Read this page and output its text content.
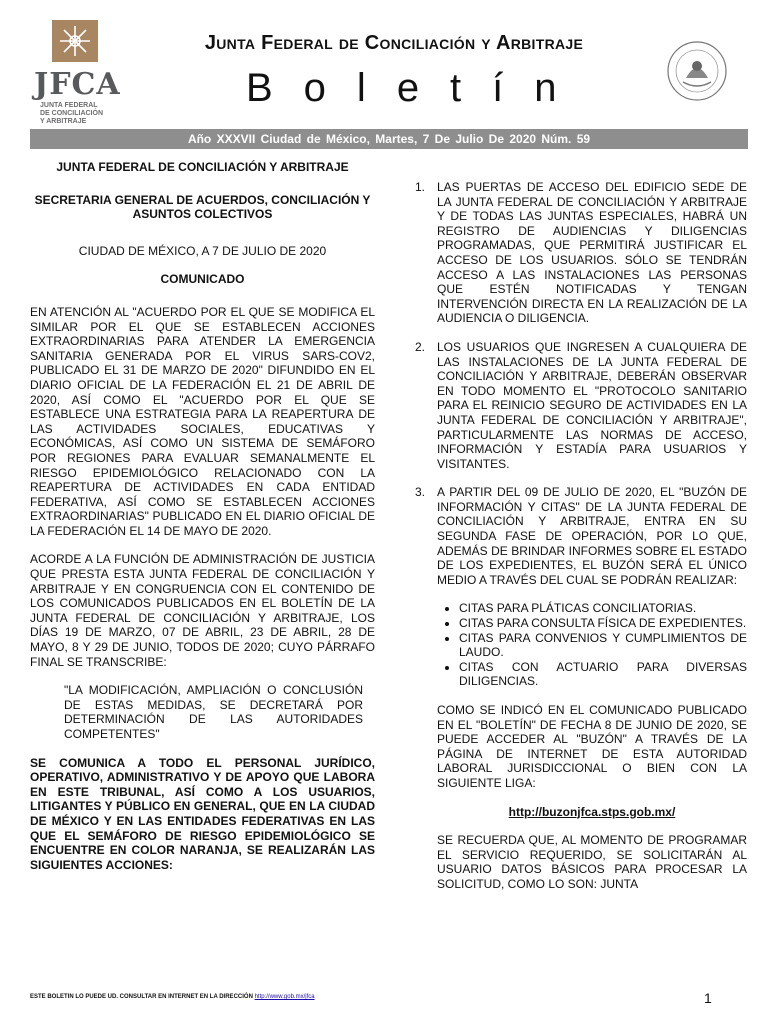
JFCA
JUNTA FEDERAL
DE CONCILIACIÓN
Y ARBITRAJE
Junta Federal de Conciliación y Arbitraje
Boletín
Año XXXVII Ciudad de México, Martes, 7 De Julio De 2020 Núm. 59

JUNTA FEDERAL DE CONCILIACIÓN Y ARBITRAJE

SECRETARIA GENERAL DE ACUERDOS, CONCILIACIÓN Y ASUNTOS COLECTIVOS

CIUDAD DE MÉXICO, A 7 DE JULIO DE 2020

COMUNICADO

EN ATENCIÓN AL "ACUERDO POR EL QUE SE MODIFICA EL SIMILAR POR EL QUE SE ESTABLECEN ACCIONES EXTRAORDINARIAS PARA ATENDER LA EMERGENCIA SANITARIA GENERADA POR EL VIRUS SARS-COV2, PUBLICADO EL 31 DE MARZO DE 2020" DIFUNDIDO EN EL DIARIO OFICIAL DE LA FEDERACIÓN EL 21 DE ABRIL DE 2020, ASÍ COMO EL "ACUERDO POR EL QUE SE ESTABLECE UNA ESTRATEGIA PARA LA REAPERTURA DE LAS ACTIVIDADES SOCIALES, EDUCATIVAS Y ECONÓMICAS, ASÍ COMO UN SISTEMA DE SEMÁFORO POR REGIONES PARA EVALUAR SEMANALMENTE EL RIESGO EPIDEMIOLÓGICO RELACIONADO CON LA REAPERTURA DE ACTIVIDADES EN CADA ENTIDAD FEDERATIVA, ASÍ COMO SE ESTABLECEN ACCIONES EXTRAORDINARIAS" PUBLICADO EN EL DIARIO OFICIAL DE LA FEDERACIÓN EL 14 DE MAYO DE 2020.

ACORDE A LA FUNCIÓN DE ADMINISTRACIÓN DE JUSTICIA QUE PRESTA ESTA JUNTA FEDERAL DE CONCILIACIÓN Y ARBITRAJE Y EN CONGRUENCIA CON EL CONTENIDO DE LOS COMUNICADOS PUBLICADOS EN EL BOLETÍN DE LA JUNTA FEDERAL DE CONCILIACIÓN Y ARBITRAJE, LOS DÍAS 19 DE MARZO, 07 DE ABRIL, 23 DE ABRIL, 28 DE MAYO, 8 Y 29 DE JUNIO, TODOS DE 2020; CUYO PÁRRAFO FINAL SE TRANSCRIBE:

"LA MODIFICACIÓN, AMPLIACIÓN O CONCLUSIÓN DE ESTAS MEDIDAS, SE DECRETARÁ POR DETERMINACIÓN DE LAS AUTORIDADES COMPETENTES"

SE COMUNICA A TODO EL PERSONAL JURÍDICO, OPERATIVO, ADMINISTRATIVO Y DE APOYO QUE LABORA EN ESTE TRIBUNAL, ASÍ COMO A LOS USUARIOS, LITIGANTES Y PÚBLICO EN GENERAL, QUE EN LA CIUDAD DE MÉXICO Y EN LAS ENTIDADES FEDERATIVAS EN LAS QUE EL SEMÁFORO DE RIESGO EPIDEMIOLÓGICO SE ENCUENTRE EN COLOR NARANJA, SE REALIZARÁN LAS SIGUIENTES ACCIONES:

1. LAS PUERTAS DE ACCESO DEL EDIFICIO SEDE DE LA JUNTA FEDERAL DE CONCILIACIÓN Y ARBITRAJE Y DE TODAS LAS JUNTAS ESPECIALES, HABRÁ UN REGISTRO DE AUDIENCIAS Y DILIGENCIAS PROGRAMADAS, QUE PERMITIRÁ JUSTIFICAR EL ACCESO DE LOS USUARIOS. SÓLO SE TENDRÁN ACCESO A LAS INSTALACIONES LAS PERSONAS QUE ESTÉN NOTIFICADAS Y TENGAN INTERVENCIÓN DIRECTA EN LA REALIZACIÓN DE LA AUDIENCIA O DILIGENCIA.

2. LOS USUARIOS QUE INGRESEN A CUALQUIERA DE LAS INSTALACIONES DE LA JUNTA FEDERAL DE CONCILIACIÓN Y ARBITRAJE, DEBERÁN OBSERVAR EN TODO MOMENTO EL "PROTOCOLO SANITARIO PARA EL REINICIO SEGURO DE ACTIVIDADES EN LA JUNTA FEDERAL DE CONCILIACIÓN Y ARBITRAJE", PARTICULARMENTE LAS NORMAS DE ACCESO, INFORMACIÓN Y ESTADÍA PARA USUARIOS Y VISITANTES.

3. A PARTIR DEL 09 DE JULIO DE 2020, EL "BUZÓN DE INFORMACIÓN Y CITAS" DE LA JUNTA FEDERAL DE CONCILIACIÓN Y ARBITRAJE, ENTRA EN SU SEGUNDA FASE DE OPERACIÓN, POR LO QUE, ADEMÁS DE BRINDAR INFORMES SOBRE EL ESTADO DE LOS EXPEDIENTES, EL BUZÓN SERÁ EL ÚNICO MEDIO A TRAVÉS DEL CUAL SE PODRÁN REALIZAR:

• CITAS PARA PLÁTICAS CONCILIATORIAS.
• CITAS PARA CONSULTA FÍSICA DE EXPEDIENTES.
• CITAS PARA CONVENIOS Y CUMPLIMIENTOS DE LAUDO.
• CITAS CON ACTUARIO PARA DIVERSAS DILIGENCIAS.

COMO SE INDICÓ EN EL COMUNICADO PUBLICADO EN EL "BOLETÍN" DE FECHA 8 DE JUNIO DE 2020, SE PUEDE ACCEDER AL "BUZÓN" A TRAVÉS DE LA PÁGINA DE INTERNET DE ESTA AUTORIDAD LABORAL JURISDICCIONAL O BIEN CON LA SIGUIENTE LIGA:

http://buzonjfca.stps.gob.mx/

SE RECUERDA QUE, AL MOMENTO DE PROGRAMAR EL SERVICIO REQUERIDO, SE SOLICITARÁN AL USUARIO DATOS BÁSICOS PARA PROCESAR LA SOLICITUD, COMO LO SON: JUNTA

ESTE BOLETIN LO PUEDE UD. CONSULTAR EN INTERNET EN LA DIRECCIÓN http://www.gob.mx/jfca	1
